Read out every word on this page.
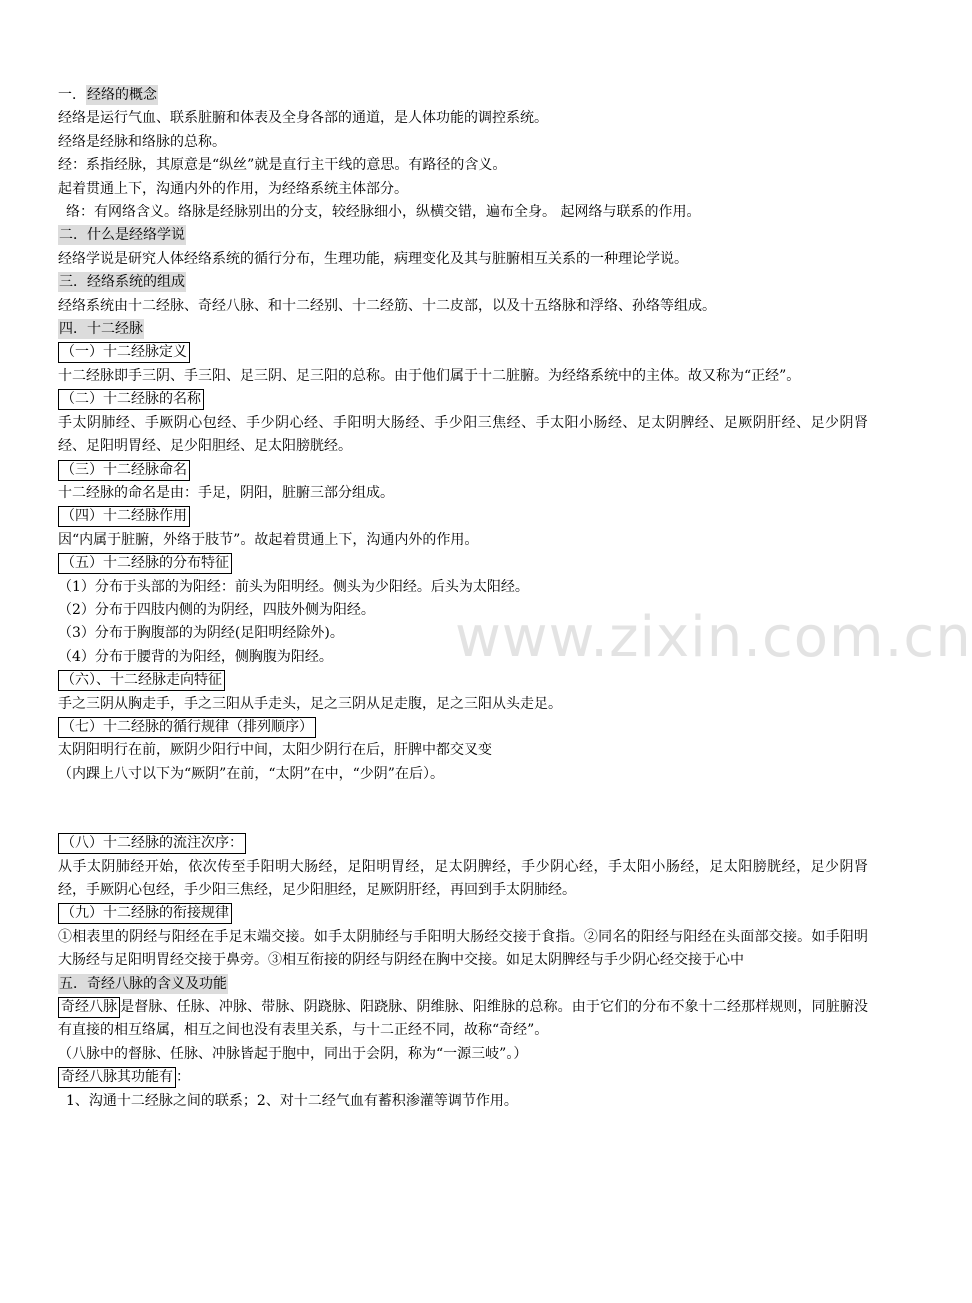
www.zixin.com.cn
一．经络的概念
经络是运行气血、联系脏腑和体表及全身各部的通道，是人体功能的调控系统。
经络是经脉和络脉的总称。
经：系指经脉，其原意是“纵丝”就是直行主干线的意思。有路径的含义。
起着贯通上下，沟通内外的作用，为经络系统主体部分。
络：有网络含义。络脉是经脉别出的分支，较经脉细小，纵横交错，遍布全身。 起网络与联系的作用。
二．什么是经络学说
经络学说是研究人体经络系统的循行分布，生理功能，病理变化及其与脏腑相互关系的一种理论学说。
三．经络系统的组成
经络系统由十二经脉、奇经八脉、和十二经别、十二经筋、十二皮部，以及十五络脉和浮络、孙络等组成。
四．十二经脉
（一）十二经脉定义
十二经脉即手三阴、手三阳、足三阴、足三阳的总称。由于他们属于十二脏腑。为经络系统中的主体。故又称为“正经”。
（二）十二经脉的名称
手太阴肺经、手厥阴心包经、手少阴心经、手阳明大肠经、手少阳三焦经、手太阳小肠经、足太阴脾经、足厥阴肝经、足少阴肾经、足阳明胃经、足少阳胆经、足太阳膀胱经。
（三）十二经脉命名
十二经脉的命名是由：手足，阴阳，脏腑三部分组成。
（四）十二经脉作用
因“内属于脏腑，外络于肢节”。故起着贯通上下，沟通内外的作用。
（五）十二经脉的分布特征
（1）分布于头部的为阳经：前头为阳明经。侧头为少阳经。后头为太阳经。
（2）分布于四肢内侧的为阴经，四肢外侧为阳经。
（3）分布于胸腹部的为阴经(足阳明经除外)。
（4）分布于腰背的为阳经，侧胸腹为阳经。
（六）、十二经脉走向特征
手之三阴从胸走手，手之三阳从手走头，足之三阴从足走腹，足之三阳从头走足。
（七）十二经脉的循行规律（排列顺序）
太阴阳明行在前，厥阴少阳行中间，太阳少阴行在后，肝脾中都交叉变
（内踝上八寸以下为“厥阴”在前，“太阴”在中，“少阴”在后）。
（八）十二经脉的流注次序：
从手太阴肺经开始，依次传至手阳明大肠经，足阳明胃经，足太阴脾经，手少阴心经，手太阳小肠经，足太阳膀胱经，足少阴肾经，手厥阴心包经，手少阳三焦经，足少阳胆经，足厥阴肝经，再回到手太阴肺经。
（九）十二经脉的衔接规律
①相表里的阴经与阳经在手足末端交接。如手太阴肺经与手阳明大肠经交接于食指。②同名的阳经与阳经在头面部交接。如手阳明大肠经与足阳明胃经交接于鼻旁。③相互衔接的阴经与阴经在胸中交接。如足太阴脾经与手少阴心经交接于心中
五．奇经八脉的含义及功能
奇经八脉 是督脉、任脉、冲脉、带脉、阴跷脉、阳跷脉、阴维脉、阳维脉的总称。由于它们的分布不象十二经那样规则，同脏腑没有直接的相互络属，相互之间也没有表里关系，与十二正经不同，故称“奇经”。
（八脉中的督脉、任脉、冲脉皆起于胞中，同出于会阴，称为“一源三岐”。）
奇经八脉其功能有 ：
1、沟通十二经脉之间的联系；2、对十二经气血有蓄积渗灌等调节作用。
